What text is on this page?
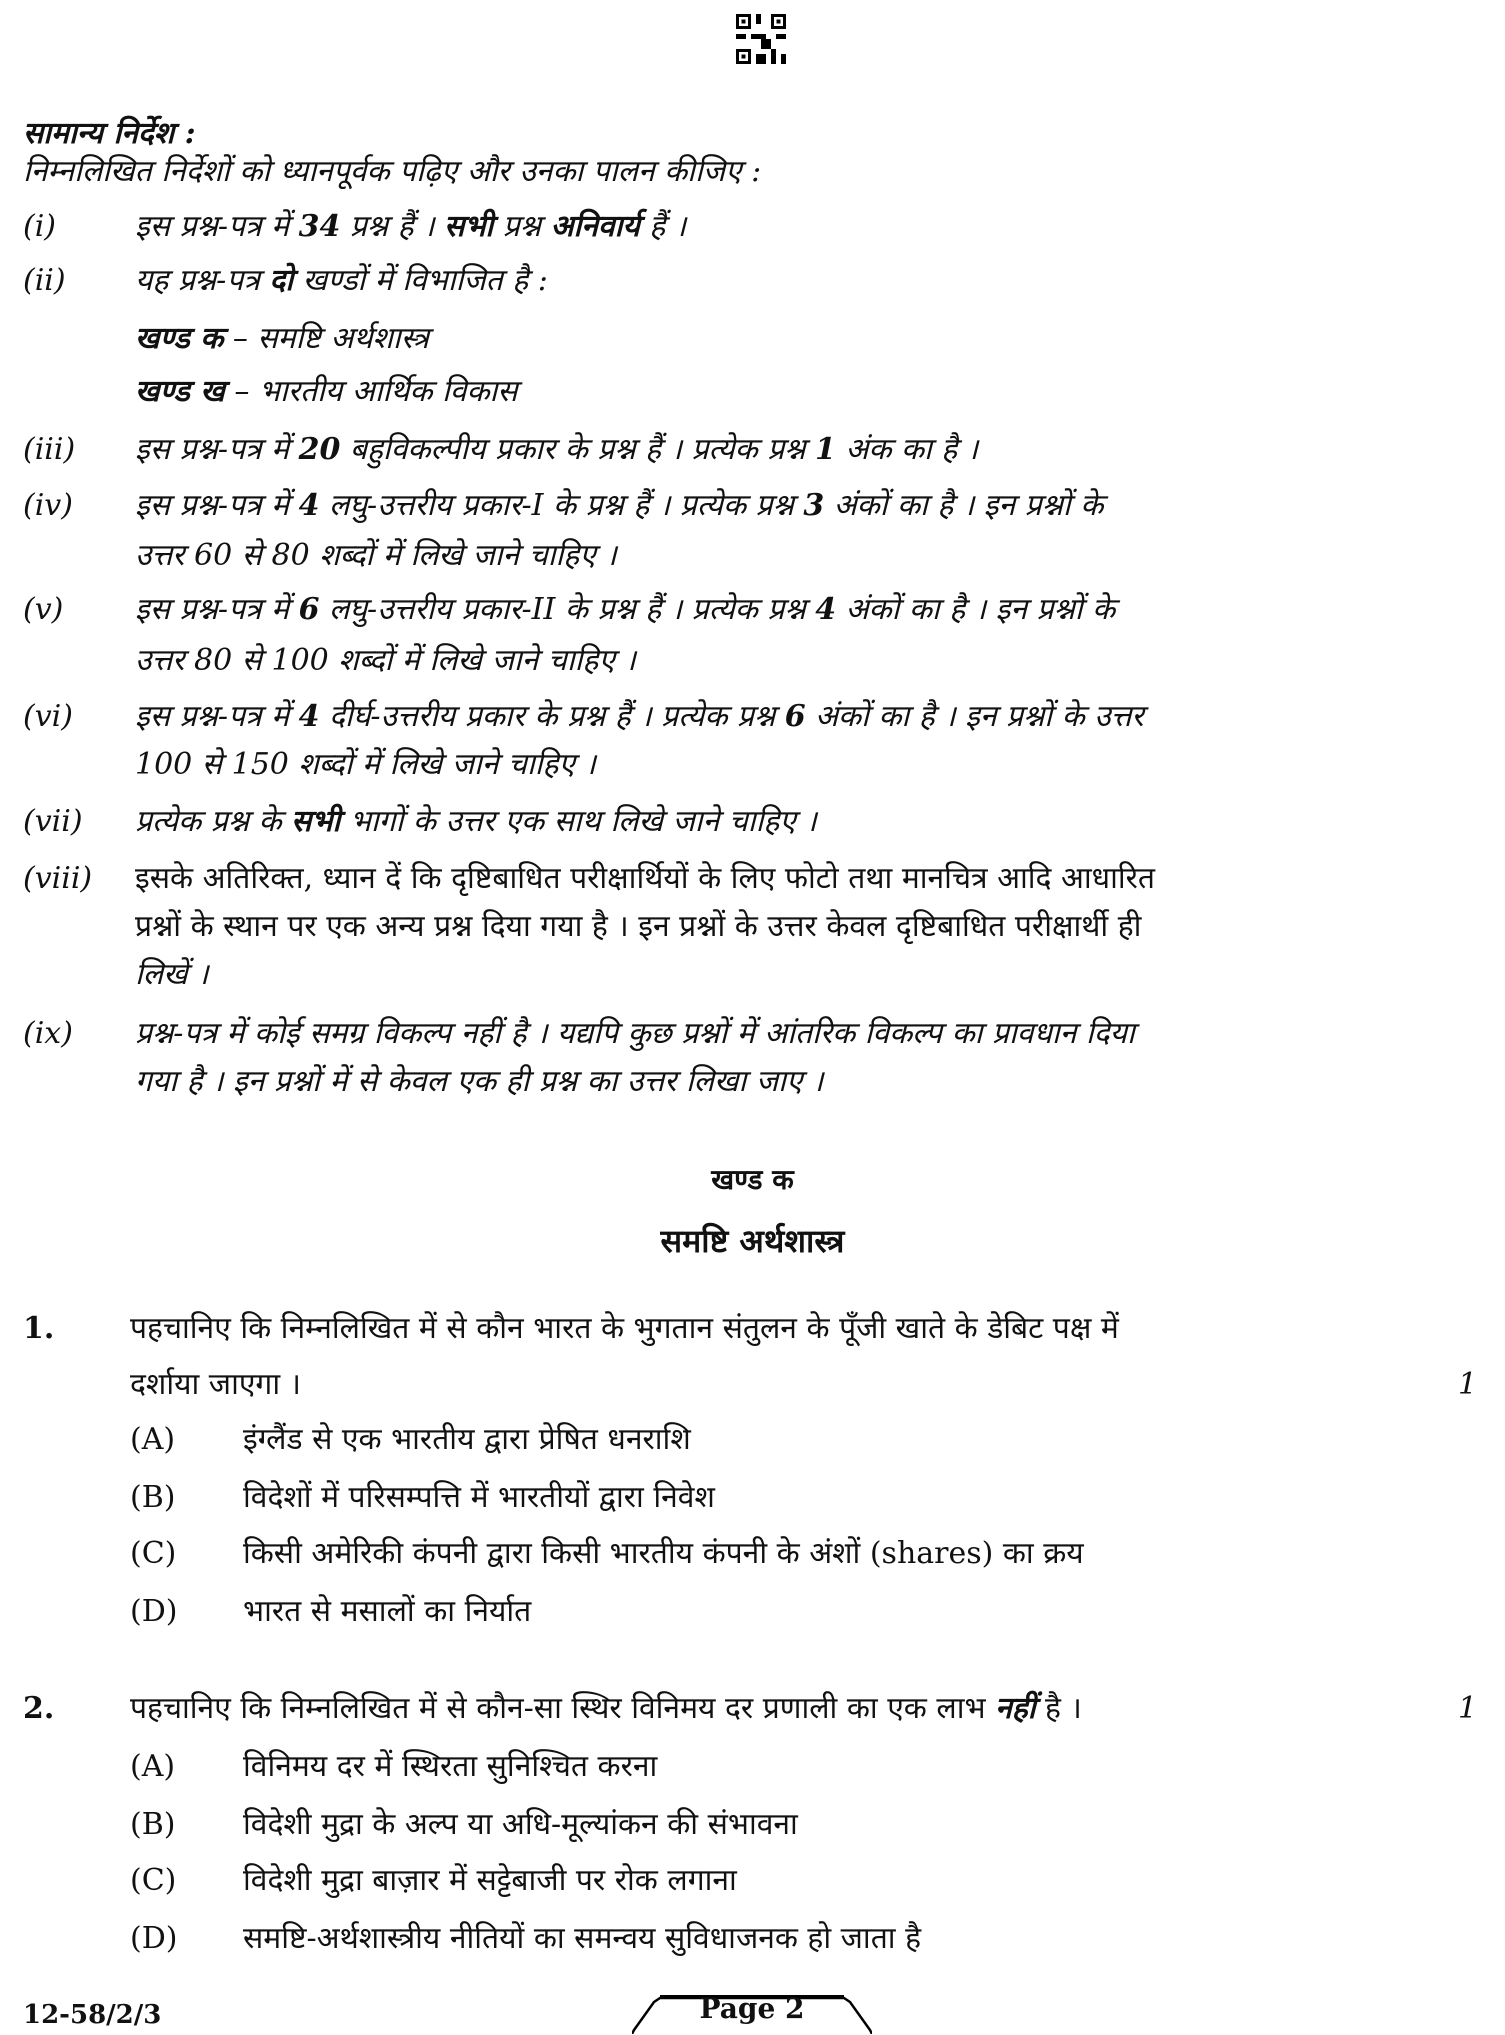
सामान्य निर्देश :
निम्नलिखित निर्देशों को ध्यानपूर्वक पढ़िए और उनका पालन कीजिए :
(i)	इस प्रश्न-पत्र में 34 प्रश्न हैं । सभी प्रश्न अनिवार्य हैं ।
(ii) यह प्रश्न-पत्र दो खण्डों में विभाजित है :
खण्ड क – समष्टि अर्थशास्त्र
खण्ड ख – भारतीय आर्थिक विकास
(iii) इस प्रश्न-पत्र में 20 बहुविकल्पीय प्रकार के प्रश्न हैं । प्रत्येक प्रश्न 1 अंक का है ।
(iv) इस प्रश्न-पत्र में 4 लघु-उत्तरीय प्रकार-I के प्रश्न हैं । प्रत्येक प्रश्न 3 अंकों का है । इन प्रश्नों के
उत्तर 60 से 80 शब्दों में लिखे जाने चाहिए ।
(v) इस प्रश्न-पत्र में 6 लघु-उत्तरीय प्रकार-II के प्रश्न हैं । प्रत्येक प्रश्न 4 अंकों का है । इन प्रश्नों के
उत्तर 80 से 100 शब्दों में लिखे जाने चाहिए ।
(vi) इस प्रश्न-पत्र में 4 दीर्घ-उत्तरीय प्रकार के प्रश्न हैं । प्रत्येक प्रश्न 6 अंकों का है । इन प्रश्नों के उत्तर
100 से 150 शब्दों में लिखे जाने चाहिए ।
(vii) प्रत्येक प्रश्न के सभी भागों के उत्तर एक साथ लिखे जाने चाहिए ।
(viii) इसके अतिरिक्त, ध्यान दें कि दृष्टिबाधित परीक्षार्थियों के लिए फोटो तथा मानचित्र आदि आधारित
प्रश्नों के स्थान पर एक अन्य प्रश्न दिया गया है । इन प्रश्नों के उत्तर केवल दृष्टिबाधित परीक्षार्थी ही
लिखें ।
(ix) प्रश्न-पत्र में कोई समग्र विकल्प नहीं है । यद्यपि कुछ प्रश्नों में आंतरिक विकल्प का प्रावधान दिया
गया है । इन प्रश्नों में से केवल एक ही प्रश्न का उत्तर लिखा जाए ।
खण्ड क
समष्टि अर्थशास्त्र
1.	पहचानिए कि निम्नलिखित में से कौन भारत के भुगतान संतुलन के पूँजी खाते के डेबिट पक्ष में
दर्शाया जाएगा ।	1
(A) इंग्लैंड से एक भारतीय द्वारा प्रेषित धनराशि
(B) विदेशों में परिसम्पत्ति में भारतीयों द्वारा निवेश
(C) किसी अमेरिकी कंपनी द्वारा किसी भारतीय कंपनी के अंशों (shares) का क्रय
(D) भारत से मसालों का निर्यात
2.	पहचानिए कि निम्नलिखित में से कौन-सा स्थिर विनिमय दर प्रणाली का एक लाभ नहीं है ।	1
(A) विनिमय दर में स्थिरता सुनिश्चित करना
(B) विदेशी मुद्रा के अल्प या अधि-मूल्यांकन की संभावना
(C) विदेशी मुद्रा बाज़ार में सट्टेबाजी पर रोक लगाना
(D) समष्टि-अर्थशास्त्रीय नीतियों का समन्वय सुविधाजनक हो जाता है
12-58/2/3	Page 2
